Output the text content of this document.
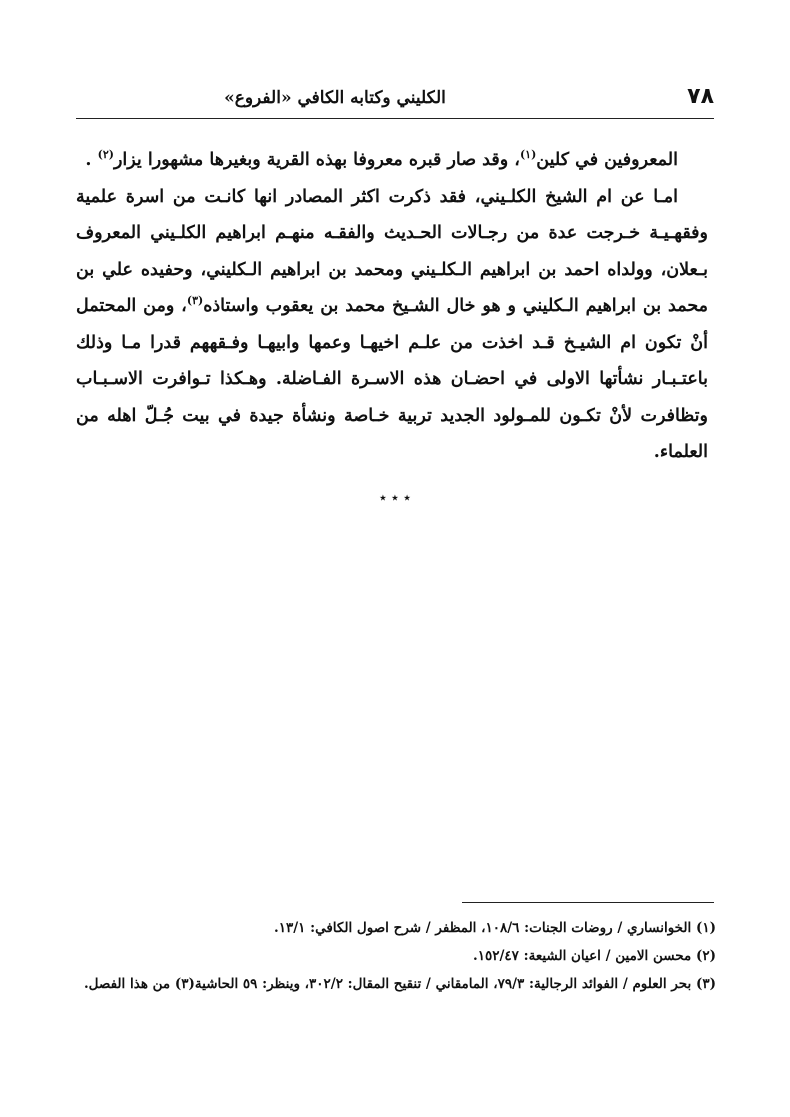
٧٨
الكليني وكتابه الكافي «الفروع»

المعروفين في كلين$^{(١)}$، وقد صار قبره معروفا بهذه القرية وبغيرها مشهورا يزار$^{(٢)}$ .

امـا عن ام الشيخ الكلـيني، فقد ذكرت اكثر المصادر انها كانـت من اسرة علمية وفقهـيـة خـرجت عدة من رجـالات الحـديث والفقـه منهـم ابراهيم الكلـيني المعروف بـعلان، وولداه احمد بن ابراهيم الـكلـيني ومحمد بن ابراهيم الـكليني، وحفيده علي بن محمد بن ابراهيم الـكليني و هو خال الشـيخ محمد بن يعقوب واستاذه$^{(٣)}$، ومن المحتمل أنْ تكون ام الشيـخ قـد اخذت من علـم اخيهـا وعمها وابيهـا وفـقههم قدرا مـا وذلك باعتـبـار نشأتها الاولى في احضـان هذه الاسـرة الفـاضلة. وهـكذا تـوافرت الاسـبـاب وتظافرت لأنْ تكـون للمـولود الجديد تربية خـاصة ونشأة جيدة في بيت جُـلّ اهله من العلماء.

٭ ٭ ٭

(١) الخوانساري / روضات الجنات: ١٠٨/٦، المظفر / شرح اصول الكافي: ١٣/١.

(٢) محسن الامين / اعيان الشيعة: ١٥٢/٤٧.

(٣) بحر العلوم / الفوائد الرجالية: ٧٩/٣، المامقاني / تنقيح المقال: ٣٠٢/٢، وينظر: ٥٩ الحاشية(٣) من هذا الفصل.
